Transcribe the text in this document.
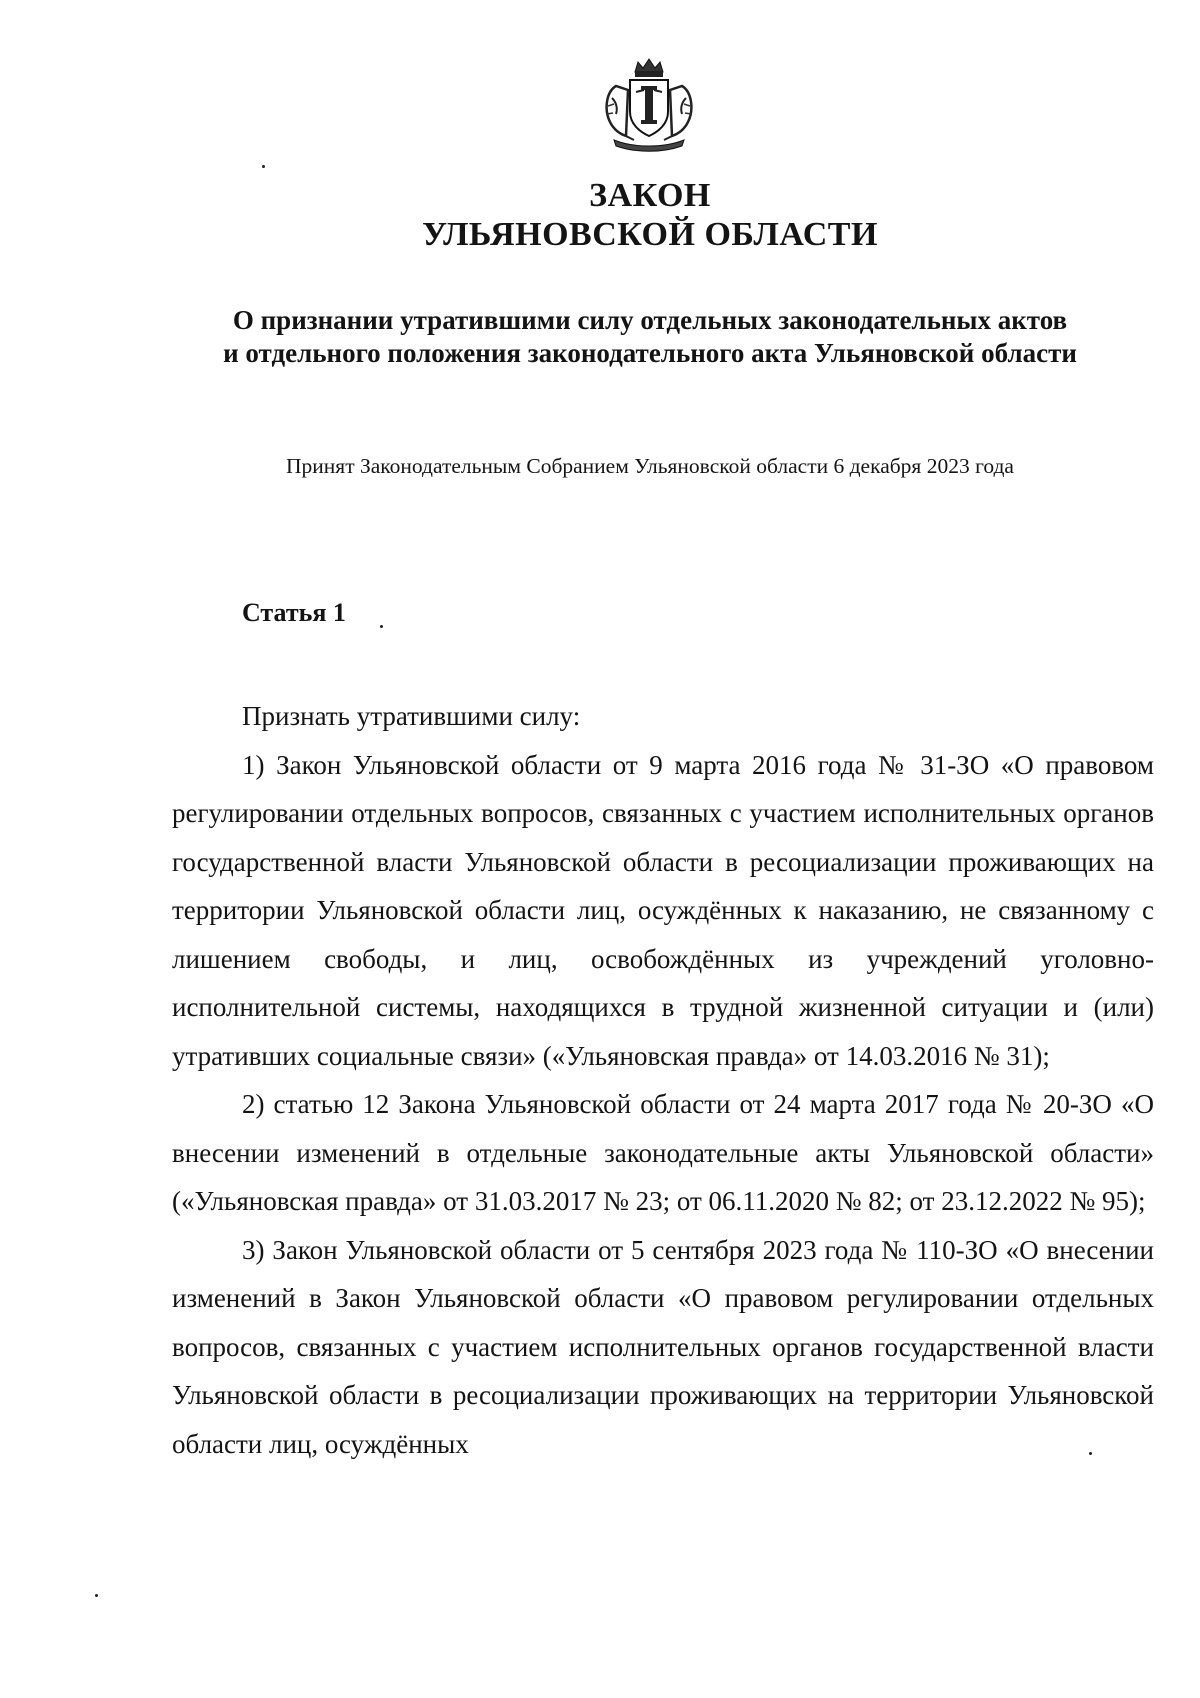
ЗАКОН
УЛЬЯНОВСКОЙ ОБЛАСТИ
О признании утратившими силу отдельных законодательных актов
и отдельного положения законодательного акта Ульяновской области
Принят Законодательным Собранием Ульяновской области 6 декабря 2023 года
Статья 1

Признать утратившими силу:

1) Закон Ульяновской области от 9 марта 2016 года № 31-ЗО «О правовом регулировании отдельных вопросов, связанных с участием исполнительных органов государственной власти Ульяновской области в ресоциализации проживающих на территории Ульяновской области лиц, осуждённых к наказанию, не связанному с лишением свободы, и лиц, освобождённых из учреждений уголовно-исполнительной системы, находящихся в трудной жизненной ситуации и (или) утративших социальные связи» («Ульяновская правда» от 14.03.2016 № 31);

2) статью 12 Закона Ульяновской области от 24 марта 2017 года № 20-ЗО «О внесении изменений в отдельные законодательные акты Ульяновской области» («Ульяновская правда» от 31.03.2017 № 23; от 06.11.2020 № 82; от 23.12.2022 № 95);

3) Закон Ульяновской области от 5 сентября 2023 года № 110-ЗО «О внесении изменений в Закон Ульяновской области «О правовом регулировании отдельных вопросов, связанных с участием исполнительных органов государственной власти Ульяновской области в ресоциализации проживающих на территории Ульяновской области лиц, осуждённых
